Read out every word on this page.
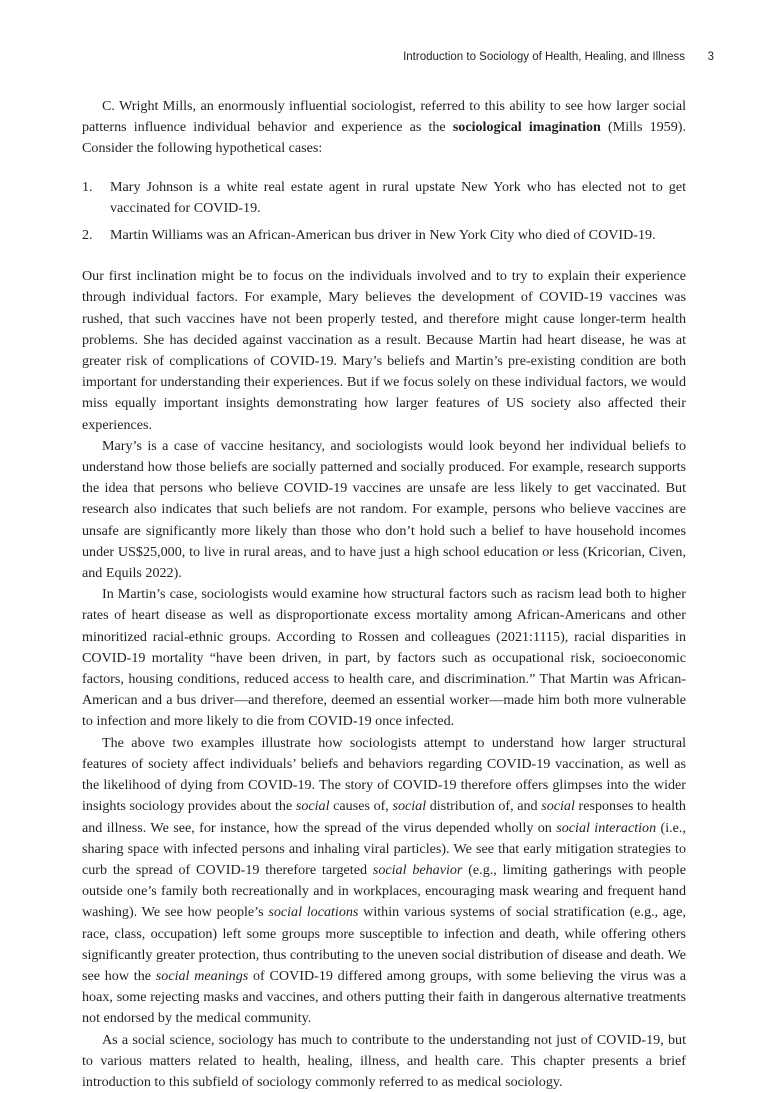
Introduction to Sociology of Health, Healing, and Illness 3

C. Wright Mills, an enormously influential sociologist, referred to this ability to see how larger social patterns influence individual behavior and experience as the sociological imagination (Mills 1959). Consider the following hypothetical cases:

1.	Mary Johnson is a white real estate agent in rural upstate New York who has elected not to get vaccinated for COVID-19.
2.	Martin Williams was an African-American bus driver in New York City who died of COVID-19.

Our first inclination might be to focus on the individuals involved and to try to explain their experience through individual factors. For example, Mary believes the development of COVID-19 vaccines was rushed, that such vaccines have not been properly tested, and therefore might cause longer-term health problems. She has decided against vaccination as a result. Because Martin had heart disease, he was at greater risk of complications of COVID-19. Mary’s beliefs and Martin’s pre-existing condition are both important for understanding their experiences. But if we focus solely on these individual factors, we would miss equally important insights demonstrating how larger features of US society also affected their experiences.

Mary’s is a case of vaccine hesitancy, and sociologists would look beyond her individual beliefs to understand how those beliefs are socially patterned and socially produced. For example, research supports the idea that persons who believe COVID-19 vaccines are unsafe are less likely to get vaccinated. But research also indicates that such beliefs are not random. For example, persons who believe vaccines are unsafe are significantly more likely than those who don’t hold such a belief to have household incomes under US$25,000, to live in rural areas, and to have just a high school education or less (Kricorian, Civen, and Equils 2022).

In Martin’s case, sociologists would examine how structural factors such as racism lead both to higher rates of heart disease as well as disproportionate excess mortality among African-Americans and other minoritized racial-ethnic groups. According to Rossen and colleagues (2021:1115), racial disparities in COVID-19 mortality “have been driven, in part, by factors such as occupational risk, socioeconomic factors, housing conditions, reduced access to health care, and discrimination.” That Martin was African-American and a bus driver—and therefore, deemed an essential worker—made him both more vulnerable to infection and more likely to die from COVID-19 once infected.

The above two examples illustrate how sociologists attempt to understand how larger structural features of society affect individuals’ beliefs and behaviors regarding COVID-19 vaccination, as well as the likelihood of dying from COVID-19. The story of COVID-19 therefore offers glimpses into the wider insights sociology provides about the social causes of, social distribution of, and social responses to health and illness. We see, for instance, how the spread of the virus depended wholly on social interaction (i.e., sharing space with infected persons and inhaling viral particles). We see that early mitigation strategies to curb the spread of COVID-19 therefore targeted social behavior (e.g., limiting gatherings with people outside one’s family both recreationally and in workplaces, encouraging mask wearing and frequent hand washing). We see how people’s social locations within various systems of social stratification (e.g., age, race, class, occupation) left some groups more susceptible to infection and death, while offering others significantly greater protection, thus contributing to the uneven social distribution of disease and death. We see how the social meanings of COVID-19 differed among groups, with some believing the virus was a hoax, some rejecting masks and vaccines, and others putting their faith in dangerous alternative treatments not endorsed by the medical community.

As a social science, sociology has much to contribute to the understanding not just of COVID-19, but to various matters related to health, healing, illness, and health care. This chapter presents a brief introduction to this subfield of sociology commonly referred to as medical sociology.
